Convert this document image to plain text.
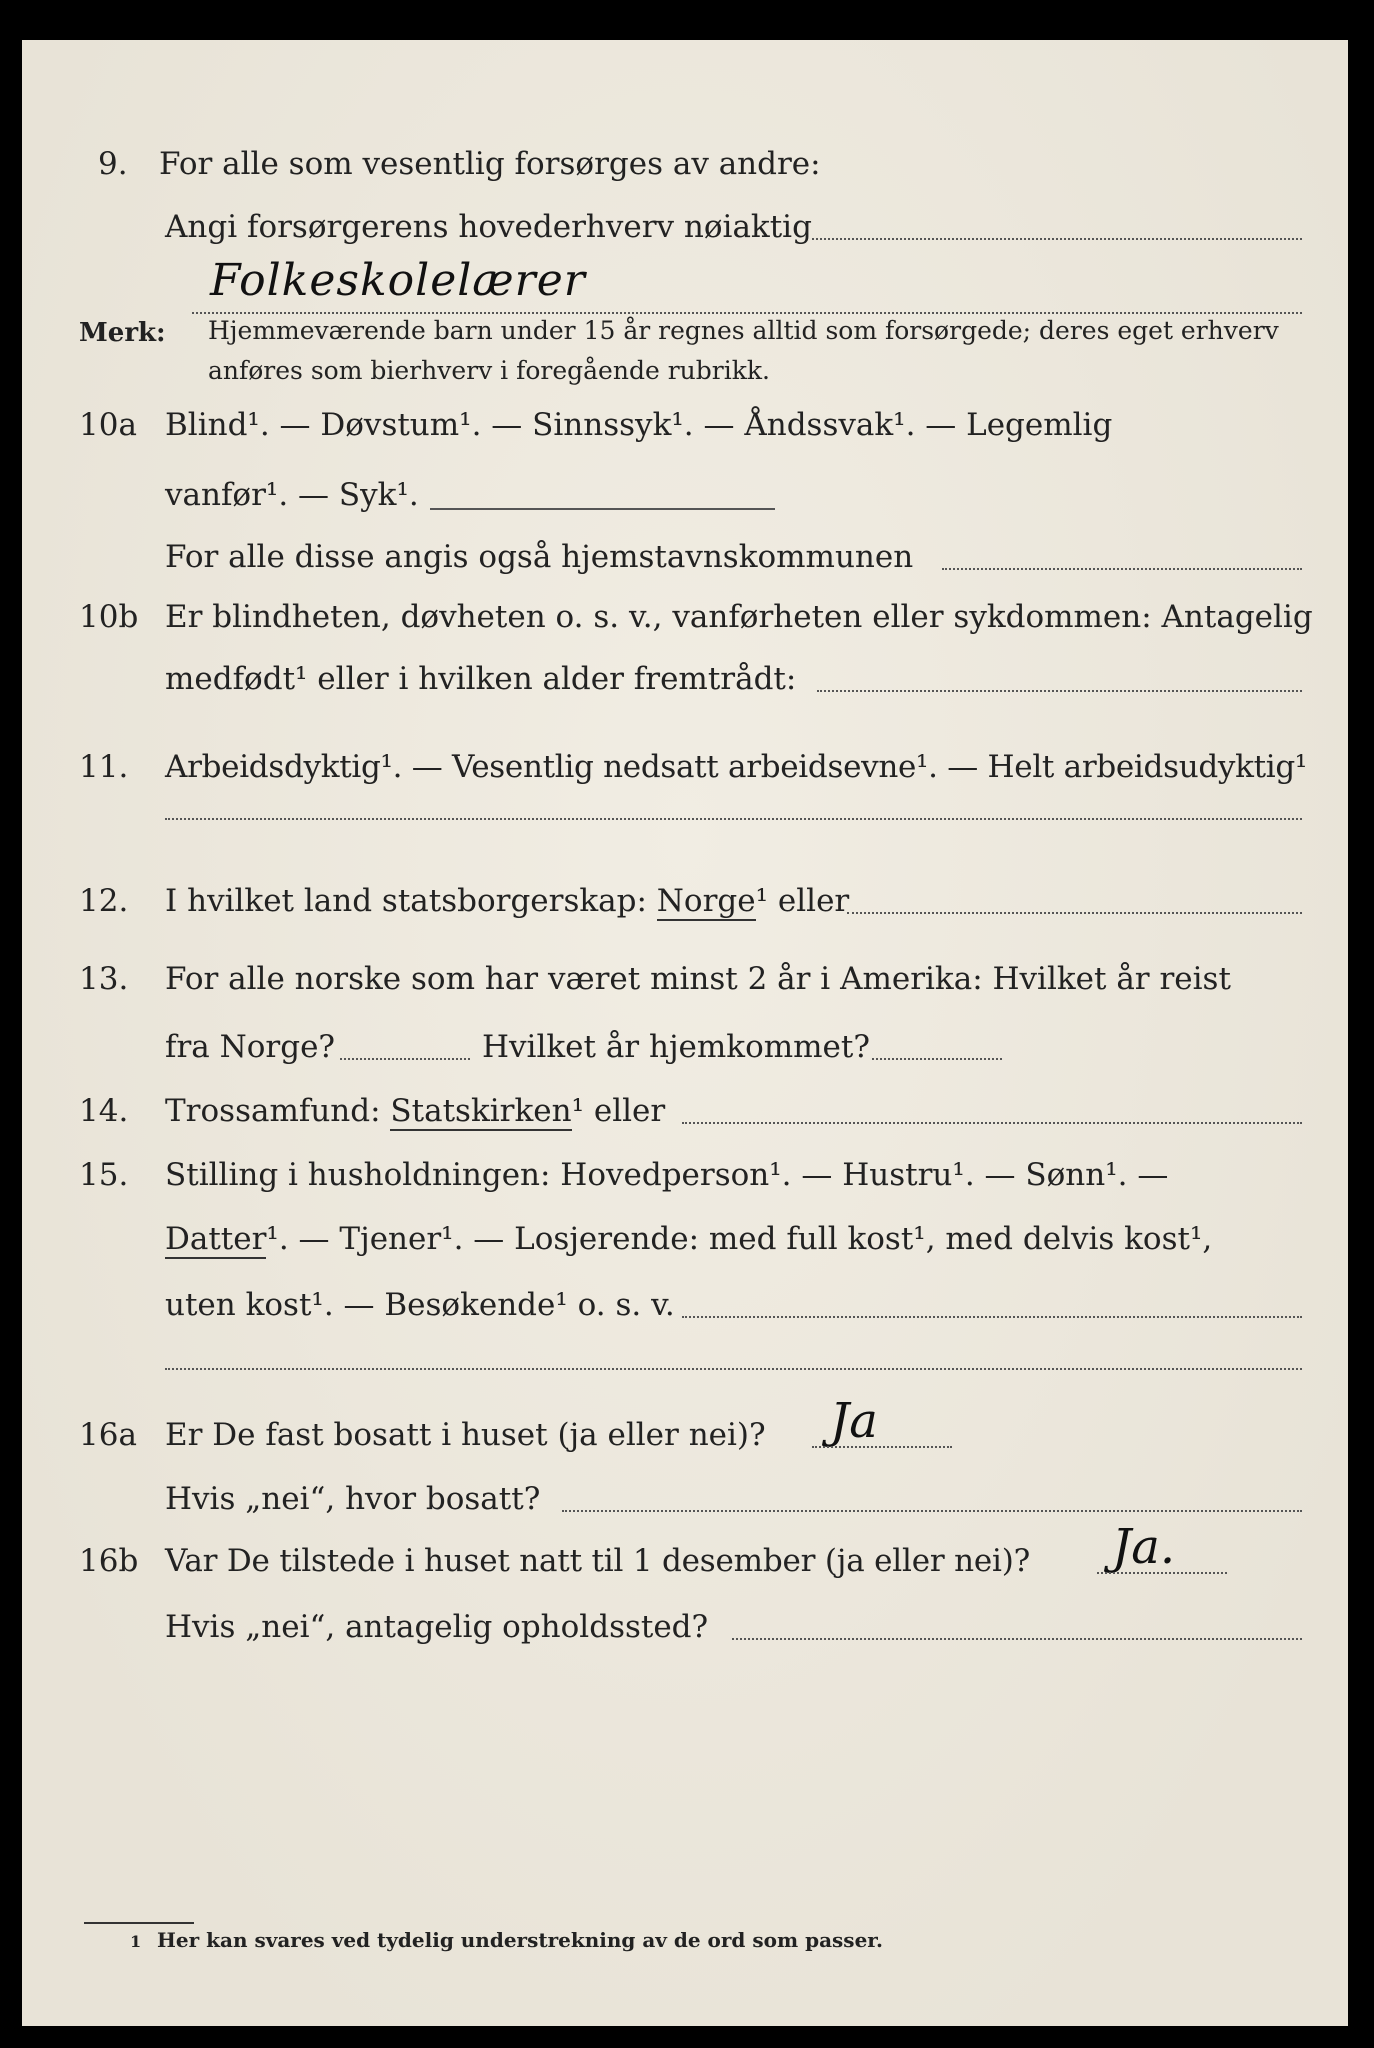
9. For alle som vesentlig forsørges av andre:
Angi forsørgerens hovederhverv nøiaktig
Folkeskolelærer
Merk: Hjemmeværende barn under 15 år regnes alltid som forsørgede; deres eget erhverv
anføres som bierhverv i foregående rubrikk.
10a Blind¹. — Døvstum¹. — Sinnssyk¹. — Åndssvak¹. — Legemlig
vanfør¹. — Syk¹.
For alle disse angis også hjemstavnskommunen
10b Er blindheten, døvheten o. s. v., vanførheten eller sykdommen: Antagelig
medfødt¹ eller i hvilken alder fremtrådt:
11. Arbeidsdyktig¹. — Vesentlig nedsatt arbeidsevne¹. — Helt arbeidsudyktig¹
12. I hvilket land statsborgerskap: Norge¹ eller
13. For alle norske som har været minst 2 år i Amerika: Hvilket år reist
fra Norge?	Hvilket år hjemkommet?
14. Trossamfund: Statskirken¹ eller
15. Stilling i husholdningen: Hovedperson¹. — Hustru¹. — Sønn¹. —
Datter¹. — Tjener¹. — Losjerende: med full kost¹, med delvis kost¹,
uten kost¹. — Besøkende¹ o. s. v.
16a Er De fast bosatt i huset (ja eller nei)? Ja
Hvis „nei“, hvor bosatt?
16b Var De tilstede i huset natt til 1 desember (ja eller nei)? Ja.
Hvis „nei“, antagelig opholdssted?
1 Her kan svares ved tydelig understrekning av de ord som passer.
